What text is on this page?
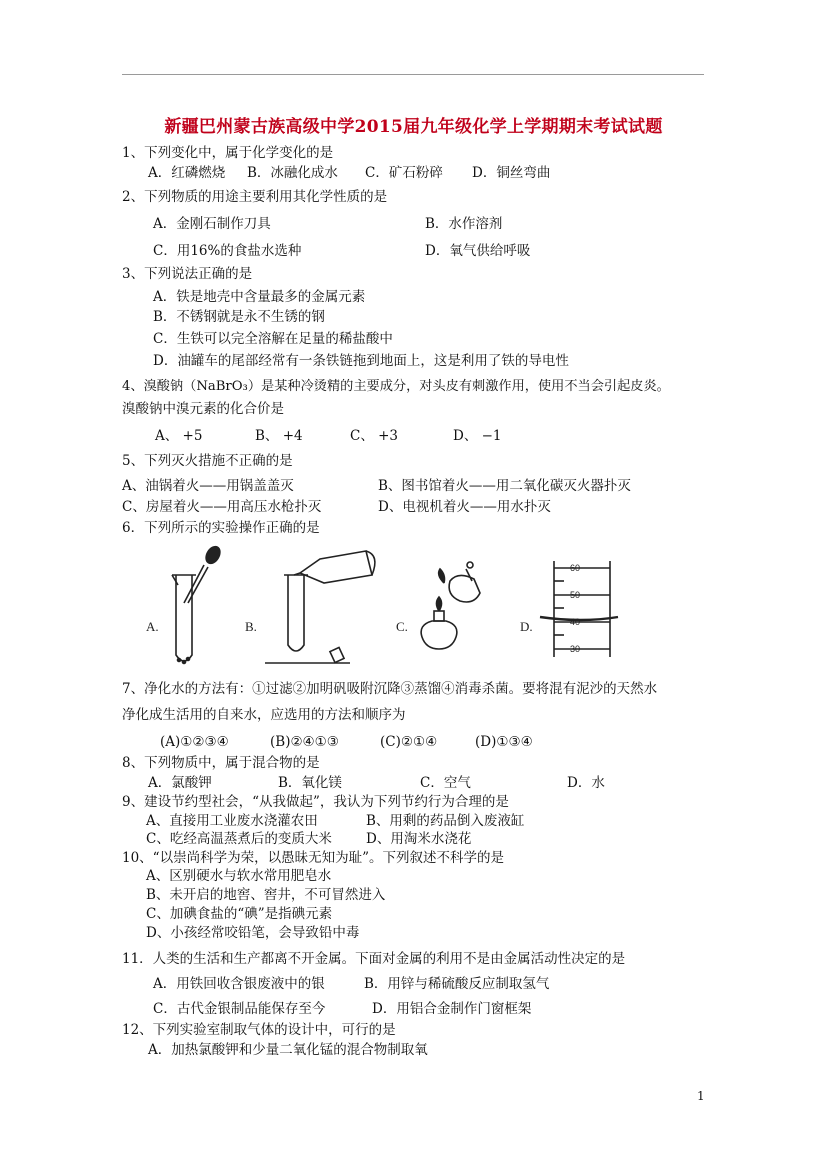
新疆巴州蒙古族高级中学2015届九年级化学上学期期末考试试题
1、下列变化中，属于化学变化的是
A．红磷燃烧 B．冰融化成水 C．矿石粉碎 D．铜丝弯曲
2、下列物质的用途主要利用其化学性质的是
A．金刚石制作刀具	B．水作溶剂
C．用16%的食盐水选种	D．氧气供给呼吸
3、下列说法正确的是
A．铁是地壳中含量最多的金属元素
B．不锈钢就是永不生锈的钢
C．生铁可以完全溶解在足量的稀盐酸中
D．油罐车的尾部经常有一条铁链拖到地面上，这是利用了铁的导电性
4、溴酸钠（NaBrO₃）是某种冷烫精的主要成分，对头皮有刺激作用，使用不当会引起皮炎。
溴酸钠中溴元素的化合价是
A、 +5	B、 +4	C、 +3	D、 −1
5、下列灭火措施不正确的是
A、油锅着火——用锅盖盖灭	B、图书馆着火——用二氧化碳灭火器扑灭
C、房屋着火——用高压水枪扑灭	D、电视机着火——用水扑灭
6．下列所示的实验操作正确的是
A.	B.	C.	D.
60
50
40
30
7、净化水的方法有：①过滤②加明矾吸附沉降③蒸馏④消毒杀菌。要将混有泥沙的天然水
净化成生活用的自来水，应选用的方法和顺序为
(A)①②③④	(B)②④①③	(C)②①④	(D)①③④
8、下列物质中，属于混合物的是
A．氯酸钾	B．氧化镁	C．空气	D．水
9、建设节约型社会，“从我做起”，我认为下列节约行为合理的是
A、直接用工业废水浇灌农田	B、用剩的药品倒入废液缸
C、吃经高温蒸煮后的变质大米	D、用淘米水浇花
10、“以崇尚科学为荣，以愚昧无知为耻”。下列叙述不科学的是
A、区别硬水与软水常用肥皂水
B、未开启的地窖、窖井，不可冒然进入
C、加碘食盐的“碘”是指碘元素
D、小孩经常咬铅笔，会导致铅中毒
11．人类的生活和生产都离不开金属。下面对金属的利用不是由金属活动性决定的是
A．用铁回收含银废液中的银	B．用锌与稀硫酸反应制取氢气
C．古代金银制品能保存至今	D．用铝合金制作门窗框架
12、下列实验室制取气体的设计中，可行的是
A．加热氯酸钾和少量二氧化锰的混合物制取氧
1
